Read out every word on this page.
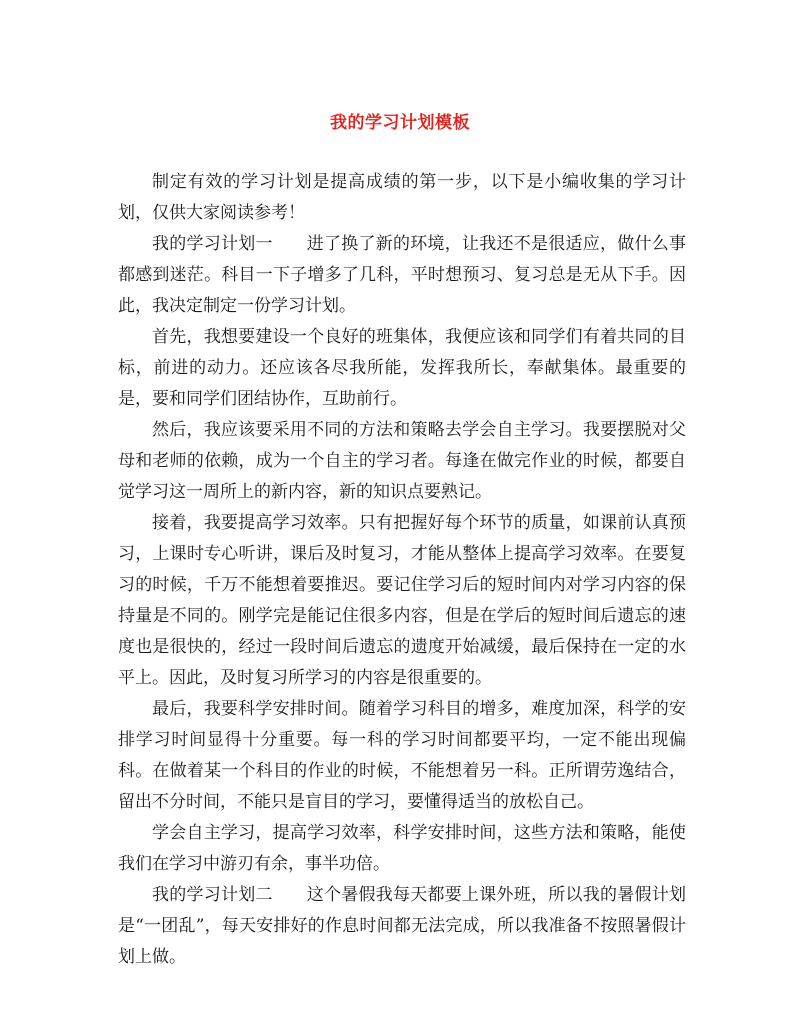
我的学习计划模板

制定有效的学习计划是提高成绩的第一步，以下是小编收集的学习计划，仅供大家阅读参考！

我的学习计划一 进了换了新的环境，让我还不是很适应，做什么事都感到迷茫。科目一下子增多了几科，平时想预习、复习总是无从下手。因此，我决定制定一份学习计划。

首先，我想要建设一个良好的班集体，我便应该和同学们有着共同的目标，前进的动力。还应该各尽我所能，发挥我所长，奉献集体。最重要的是，要和同学们团结协作，互助前行。

然后，我应该要采用不同的方法和策略去学会自主学习。我要摆脱对父母和老师的依赖，成为一个自主的学习者。每逢在做完作业的时候，都要自觉学习这一周所上的新内容，新的知识点要熟记。

接着，我要提高学习效率。只有把握好每个环节的质量，如课前认真预习，上课时专心听讲，课后及时复习，才能从整体上提高学习效率。在要复习的时候，千万不能想着要推迟。要记住学习后的短时间内对学习内容的保持量是不同的。刚学完是能记住很多内容，但是在学后的短时间后遗忘的速度也是很快的，经过一段时间后遗忘的遗度开始减缓，最后保持在一定的水平上。因此，及时复习所学习的内容是很重要的。

最后，我要科学安排时间。随着学习科目的增多，难度加深，科学的安排学习时间显得十分重要。每一科的学习时间都要平均，一定不能出现偏科。在做着某一个科目的作业的时候，不能想着另一科。正所谓劳逸结合，留出不分时间，不能只是盲目的学习，要懂得适当的放松自己。

学会自主学习，提高学习效率，科学安排时间，这些方法和策略，能使我们在学习中游刃有余，事半功倍。

我的学习计划二 这个暑假我每天都要上课外班，所以我的暑假计划是“一团乱”，每天安排好的作息时间都无法完成，所以我准备不按照暑假计划上做。
